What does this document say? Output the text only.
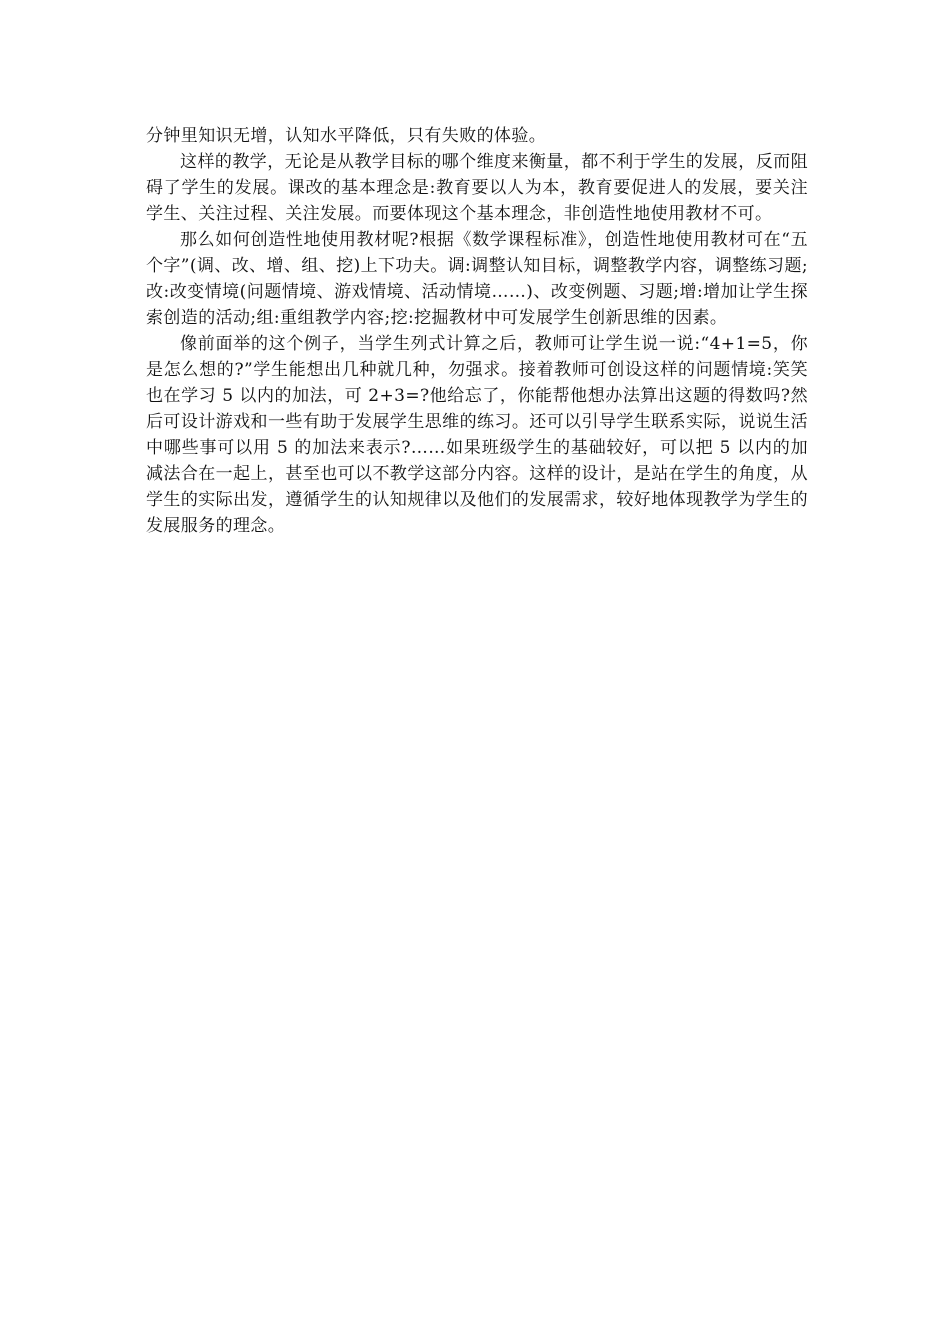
分钟里知识无增，认知水平降低，只有失败的体验。

这样的教学，无论是从教学目标的哪个维度来衡量，都不利于学生的发展，反而阻碍了学生的发展。课改的基本理念是:教育要以人为本，教育要促进人的发展，要关注学生、关注过程、关注发展。而要体现这个基本理念，非创造性地使用教材不可。

那么如何创造性地使用教材呢?根据《数学课程标准》，创造性地使用教材可在“五个字”(调、改、增、组、挖)上下功夫。调:调整认知目标，调整教学内容，调整练习题;改:改变情境(问题情境、游戏情境、活动情境……)、改变例题、习题;增:增加让学生探索创造的活动;组:重组教学内容;挖:挖掘教材中可发展学生创新思维的因素。

像前面举的这个例子，当学生列式计算之后，教师可让学生说一说:“4+1=5，你是怎么想的?”学生能想出几种就几种，勿强求。接着教师可创设这样的问题情境:笑笑也在学习 5 以内的加法，可 2+3=?他给忘了，你能帮他想办法算出这题的得数吗?然后可设计游戏和一些有助于发展学生思维的练习。还可以引导学生联系实际，说说生活中哪些事可以用 5 的加法来表示?……如果班级学生的基础较好，可以把 5 以内的加减法合在一起上，甚至也可以不教学这部分内容。这样的设计，是站在学生的角度，从学生的实际出发，遵循学生的认知规律以及他们的发展需求，较好地体现教学为学生的发展服务的理念。
